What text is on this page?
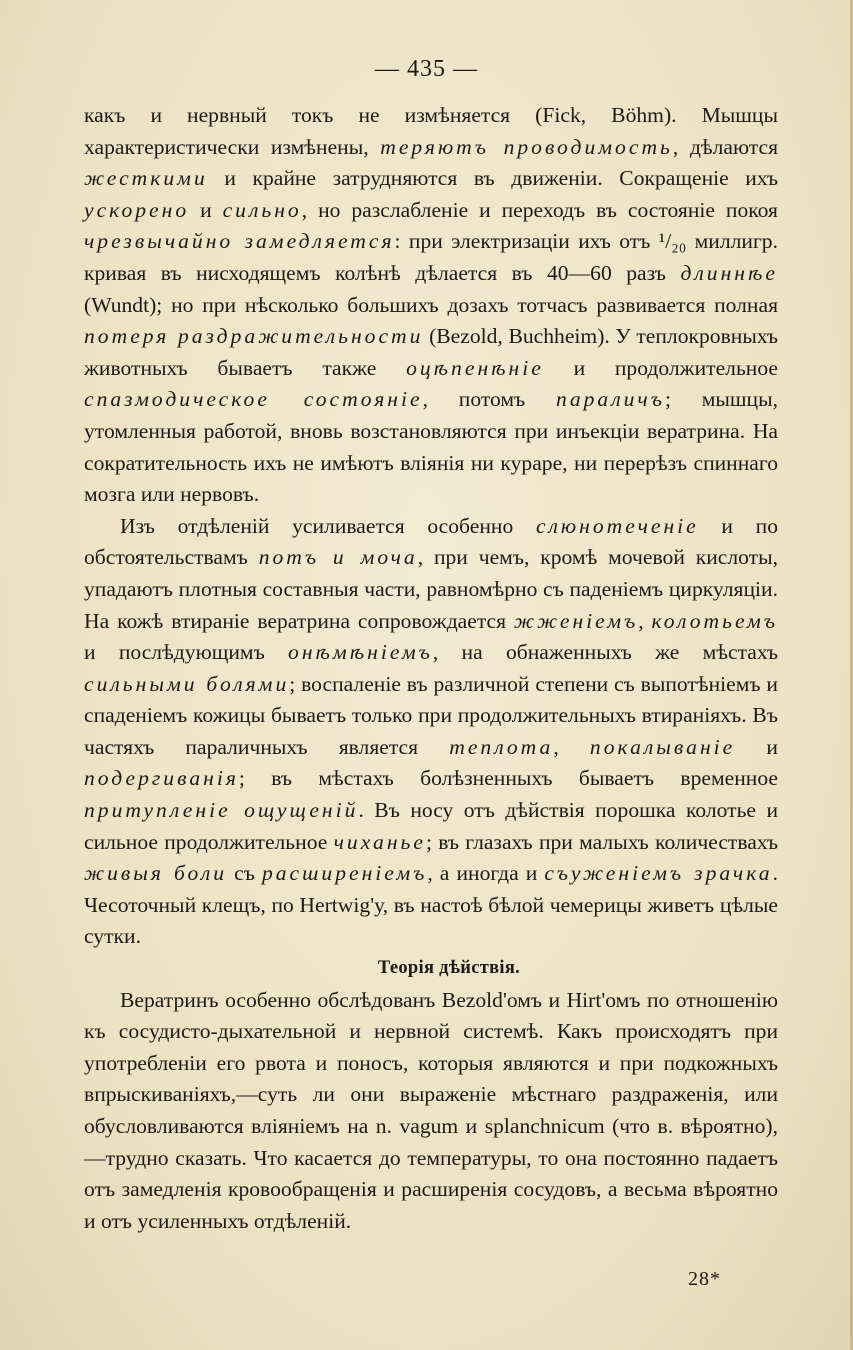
— 435 —

какъ и нервный токъ не измѣняется (Fick, Böhm). Мышцы характеристически измѣнены, теряютъ проводимость, дѣлаются жесткими и крайне затрудняются въ движеніи. Сокращеніе ихъ ускорено и сильно, но разслабленіе и переходъ въ состояніе покоя чрезвычайно замедляется: при электризаціи ихъ отъ ¹/₂₀ миллигр. кривая въ нисходящемъ колѣнѣ дѣлается въ 40—60 разъ длиннѣе (Wundt); но при нѣсколько большихъ дозахъ тотчасъ развивается полная потеря раздражительности (Bezold, Buchheim). У теплокровныхъ животныхъ бываетъ также оцѣпенѣніе и продолжительное спазмодическое состояніе, потомъ параличъ; мышцы, утомленныя работой, вновь возстановляются при инъекціи вератрина. На сократительность ихъ не имѣютъ вліянія ни кураре, ни перерѣзъ спиннаго мозга или нервовъ.

Изъ отдѣленій усиливается особенно слюнотеченіе и по обстоятельствамъ потъ и моча, при чемъ, кромѣ мочевой кислоты, упадаютъ плотныя составныя части, равномѣрно съ паденіемъ циркуляціи. На кожѣ втираніе вератрина сопровождается жженіемъ, колотьемъ и послѣдующимъ онѣмѣніемъ, на обнаженныхъ же мѣстахъ сильными болями; воспаленіе въ различной степени съ выпотѣніемъ и спаденіемъ кожицы бываетъ только при продолжительныхъ втираніяхъ. Въ частяхъ параличныхъ является теплота, покалываніе и подергиванія; въ мѣстахъ болѣзненныхъ бываетъ временное притупленіе ощущеній. Въ носу отъ дѣйствія порошка колотье и сильное продолжительное чиханье; въ глазахъ при малыхъ количествахъ живыя боли съ расширеніемъ, а иногда и съуженіемъ зрачка. Чесоточный клещъ, по Hertwig'у, въ настоѣ бѣлой чемерицы живетъ цѣлые сутки.

Теорія дѣйствія.

Вератринъ особенно обслѣдованъ Bezold'омъ и Hirt'омъ по отношенію къ сосудисто-дыхательной и нервной системѣ. Какъ происходятъ при употребленіи его рвота и поносъ, которыя являются и при подкожныхъ впрыскиваніяхъ,—суть ли они выраженіе мѣстнаго раздраженія, или обусловливаются вліяніемъ на n. vagum и splanchnicum (что в. вѣроятно),—трудно сказать. Что касается до температуры, то она постоянно падаетъ отъ замедленія кровообращенія и расширенія сосудовъ, а весьма вѣроятно и отъ усиленныхъ отдѣленій.

28*
